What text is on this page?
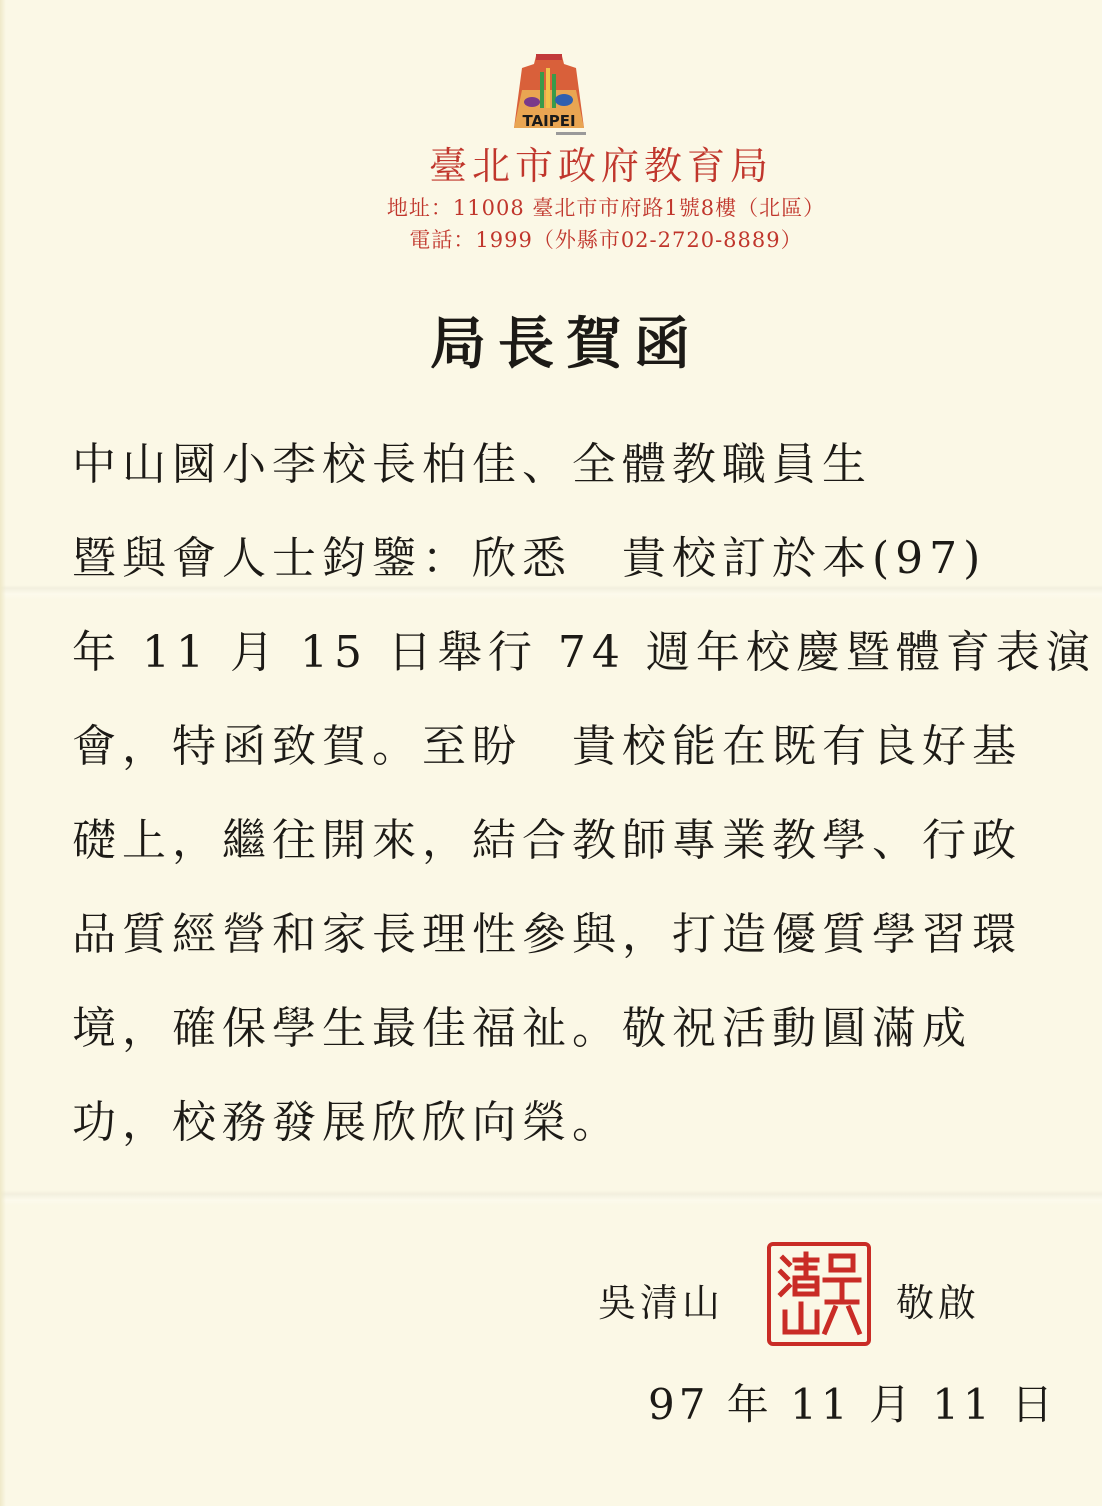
TAIPEI
臺北市政府教育局
地址：11008 臺北市市府路1號8樓（北區）
電話：1999（外縣市02-2720-8889）
局長賀函
中山國小李校長柏佳、全體教職員生
暨與會人士鈞鑒：欣悉　貴校訂於本(97)
年 11 月 15 日舉行 74 週年校慶暨體育表演
會，特函致賀。至盼　貴校能在既有良好基
礎上，繼往開來，結合教師專業教學、行政
品質經營和家長理性參與，打造優質學習環
境，確保學生最佳福祉。敬祝活動圓滿成
功，校務發展欣欣向榮。
吳清山	敬啟
97 年 11 月 11 日
